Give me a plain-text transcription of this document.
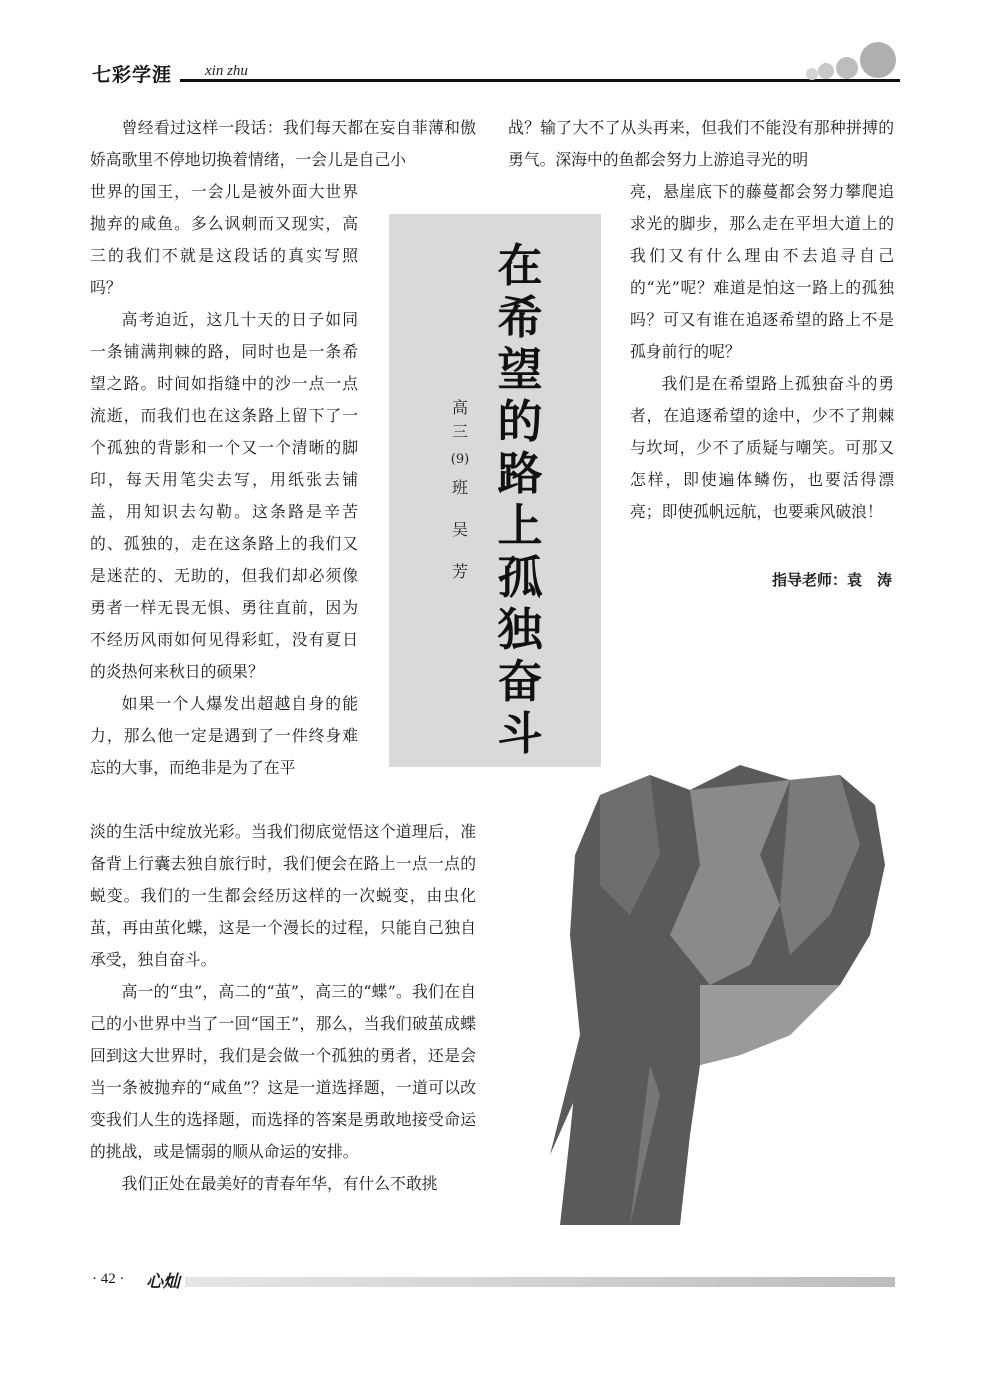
七彩学涯 xin zhu

曾经看过这样一段话：我们每天都在妄自菲薄和傲娇高歌里不停地切换着情绪，一会儿是自己小

世界的国王，一会儿是被外面大世界抛弃的咸鱼。多么讽刺而又现实，高三的我们不就是这段话的真实写照吗？

高考迫近，这几十天的日子如同一条铺满荆棘的路，同时也是一条希望之路。时间如指缝中的沙一点一点流逝，而我们也在这条路上留下了一个孤独的背影和一个又一个清晰的脚印，每天用笔尖去写，用纸张去铺盖，用知识去勾勒。这条路是辛苦的、孤独的，走在这条路上的我们又是迷茫的、无助的，但我们却必须像勇者一样无畏无惧、勇往直前，因为不经历风雨如何见得彩虹，没有夏日的炎热何来秋日的硕果？

如果一个人爆发出超越自身的能力，那么他一定是遇到了一件终身难忘的大事，而绝非是为了在平

淡的生活中绽放光彩。当我们彻底觉悟这个道理后，准备背上行囊去独自旅行时，我们便会在路上一点一点的蜕变。我们的一生都会经历这样的一次蜕变，由虫化茧，再由茧化蝶，这是一个漫长的过程，只能自己独自承受，独自奋斗。

高一的“虫”，高二的“茧”，高三的“蝶”。我们在自己的小世界中当了一回“国王”，那么，当我们破茧成蝶回到这大世界时，我们是会做一个孤独的勇者，还是会当一条被抛弃的“咸鱼”？这是一道选择题，一道可以改变我们人生的选择题，而选择的答案是勇敢地接受命运的挑战，或是懦弱的顺从命运的安排。

我们正处在最美好的青春年华，有什么不敢挑

战？输了大不了从头再来，但我们不能没有那种拼搏的勇气。深海中的鱼都会努力上游追寻光的明

亮，悬崖底下的藤蔓都会努力攀爬追求光的脚步，那么走在平坦大道上的我们又有什么理由不去追寻自己的“光”呢？难道是怕这一路上的孤独吗？可又有谁在追逐希望的路上不是孤身前行的呢？

我们是在希望路上孤独奋斗的勇者，在追逐希望的途中，少不了荆棘与坎坷，少不了质疑与嘲笑。可那又怎样，即使遍体鳞伤，也要活得漂亮；即使孤帆远航，也要乘风破浪！

指导老师：袁　涛
在
希
望
的
路
上
孤
独
奋
斗
高
三
(9)
班
吴
芳
· 42 · 心灿
